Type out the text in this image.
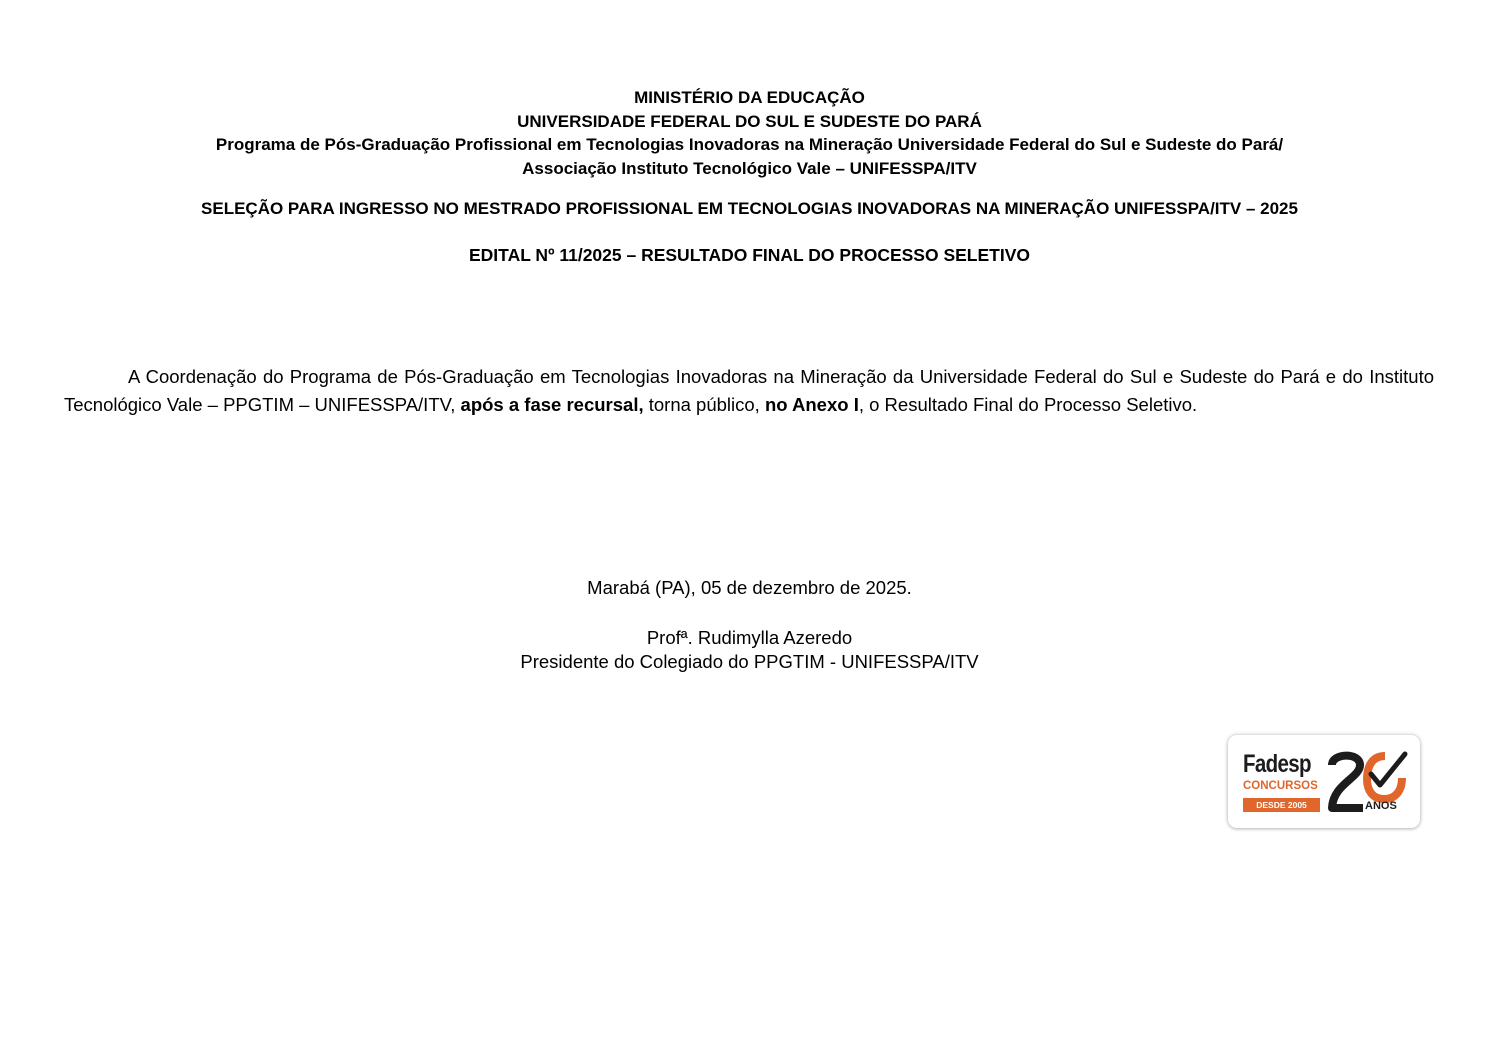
MINISTÉRIO DA EDUCAÇÃO
UNIVERSIDADE FEDERAL DO SUL E SUDESTE DO PARÁ
Programa de Pós-Graduação Profissional em Tecnologias Inovadoras na Mineração Universidade Federal do Sul e Sudeste do Pará/
Associação Instituto Tecnológico Vale – UNIFESSPA/ITV
SELEÇÃO PARA INGRESSO NO MESTRADO PROFISSIONAL EM TECNOLOGIAS INOVADORAS NA MINERAÇÃO UNIFESSPA/ITV – 2025
EDITAL Nº 11/2025 – RESULTADO FINAL DO PROCESSO SELETIVO

A Coordenação do Programa de Pós-Graduação em Tecnologias Inovadoras na Mineração da Universidade Federal do Sul e Sudeste do Pará e do Instituto Tecnológico Vale – PPGTIM – UNIFESSPA/ITV, após a fase recursal, torna público, no Anexo I, o Resultado Final do Processo Seletivo.

Marabá (PA), 05 de dezembro de 2025.
Profª. Rudimylla Azeredo
Presidente do Colegiado do PPGTIM - UNIFESSPA/ITV
Fadesp
CONCURSOS
DESDE 2005	ANOS
